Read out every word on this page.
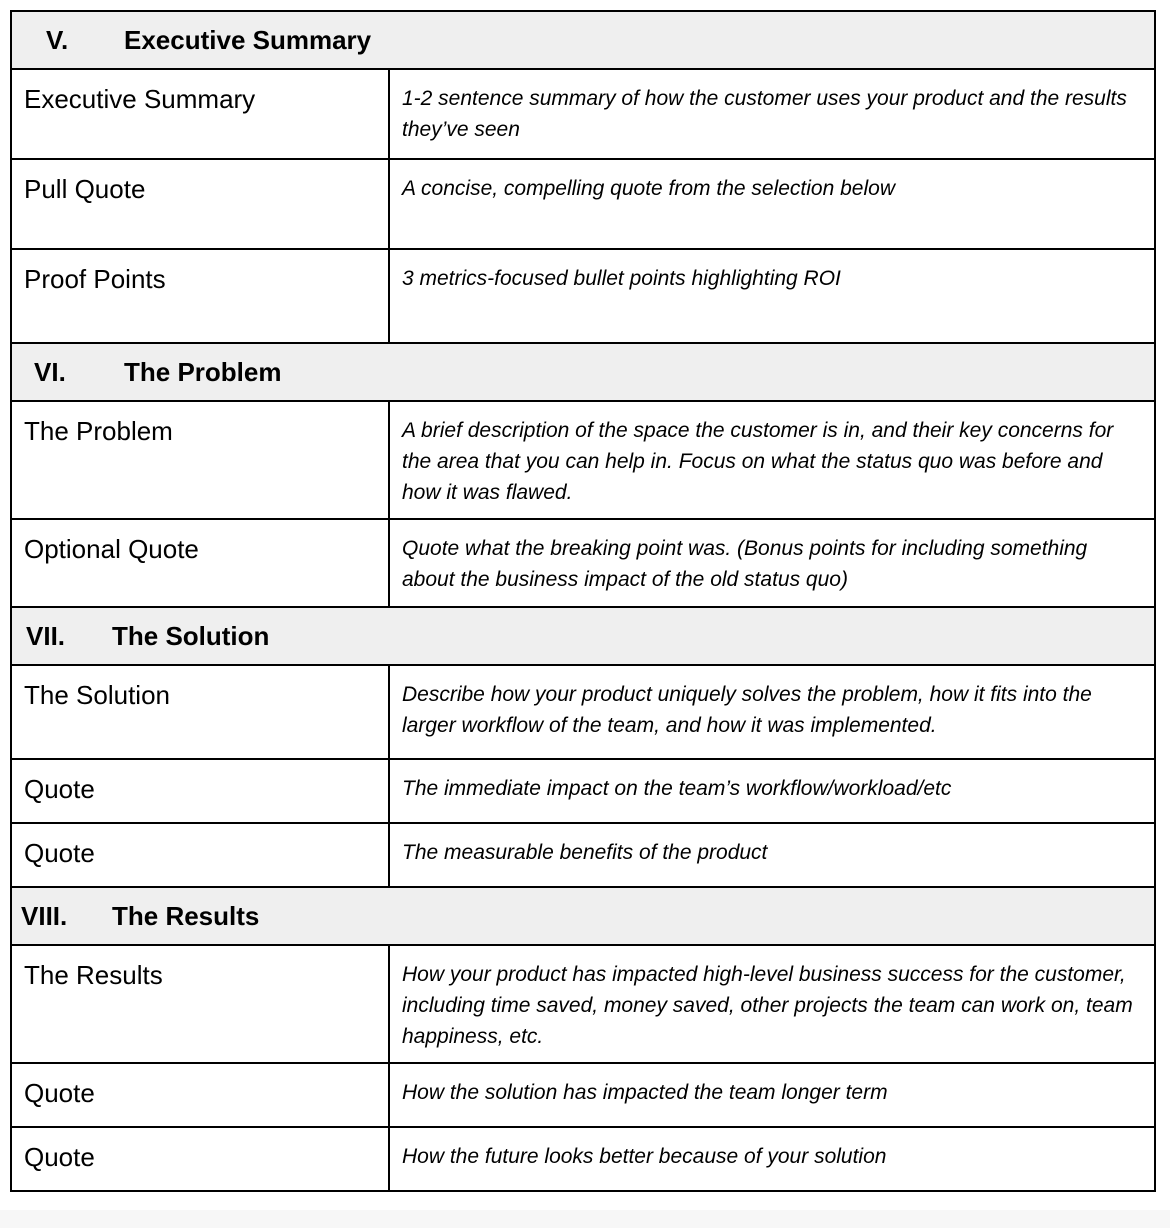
V. Executive Summary	

Executive Summary	1-2 sentence summary of how the customer uses your product and the results they’ve seen
Pull Quote	A concise, compelling quote from the selection below
Proof Points	3 metrics-focused bullet points highlighting ROI

VI. The Problem	

The Problem	A brief description of the space the customer is in, and their key concerns for the area that you can help in. Focus on what the status quo was before and how it was flawed.
Optional Quote	Quote what the breaking point was. (Bonus points for including something about the business impact of the old status quo)

VII. The Solution	

The Solution	Describe how your product uniquely solves the problem, how it fits into the larger workflow of the team, and how it was implemented.
Quote	The immediate impact on the team’s workflow/workload/etc
Quote	The measurable benefits of the product

VIII. The Results	

The Results	How your product has impacted high-level business success for the customer, including time saved, money saved, other projects the team can work on, team happiness, etc.
Quote	How the solution has impacted the team longer term
Quote	How the future looks better because of your solution
